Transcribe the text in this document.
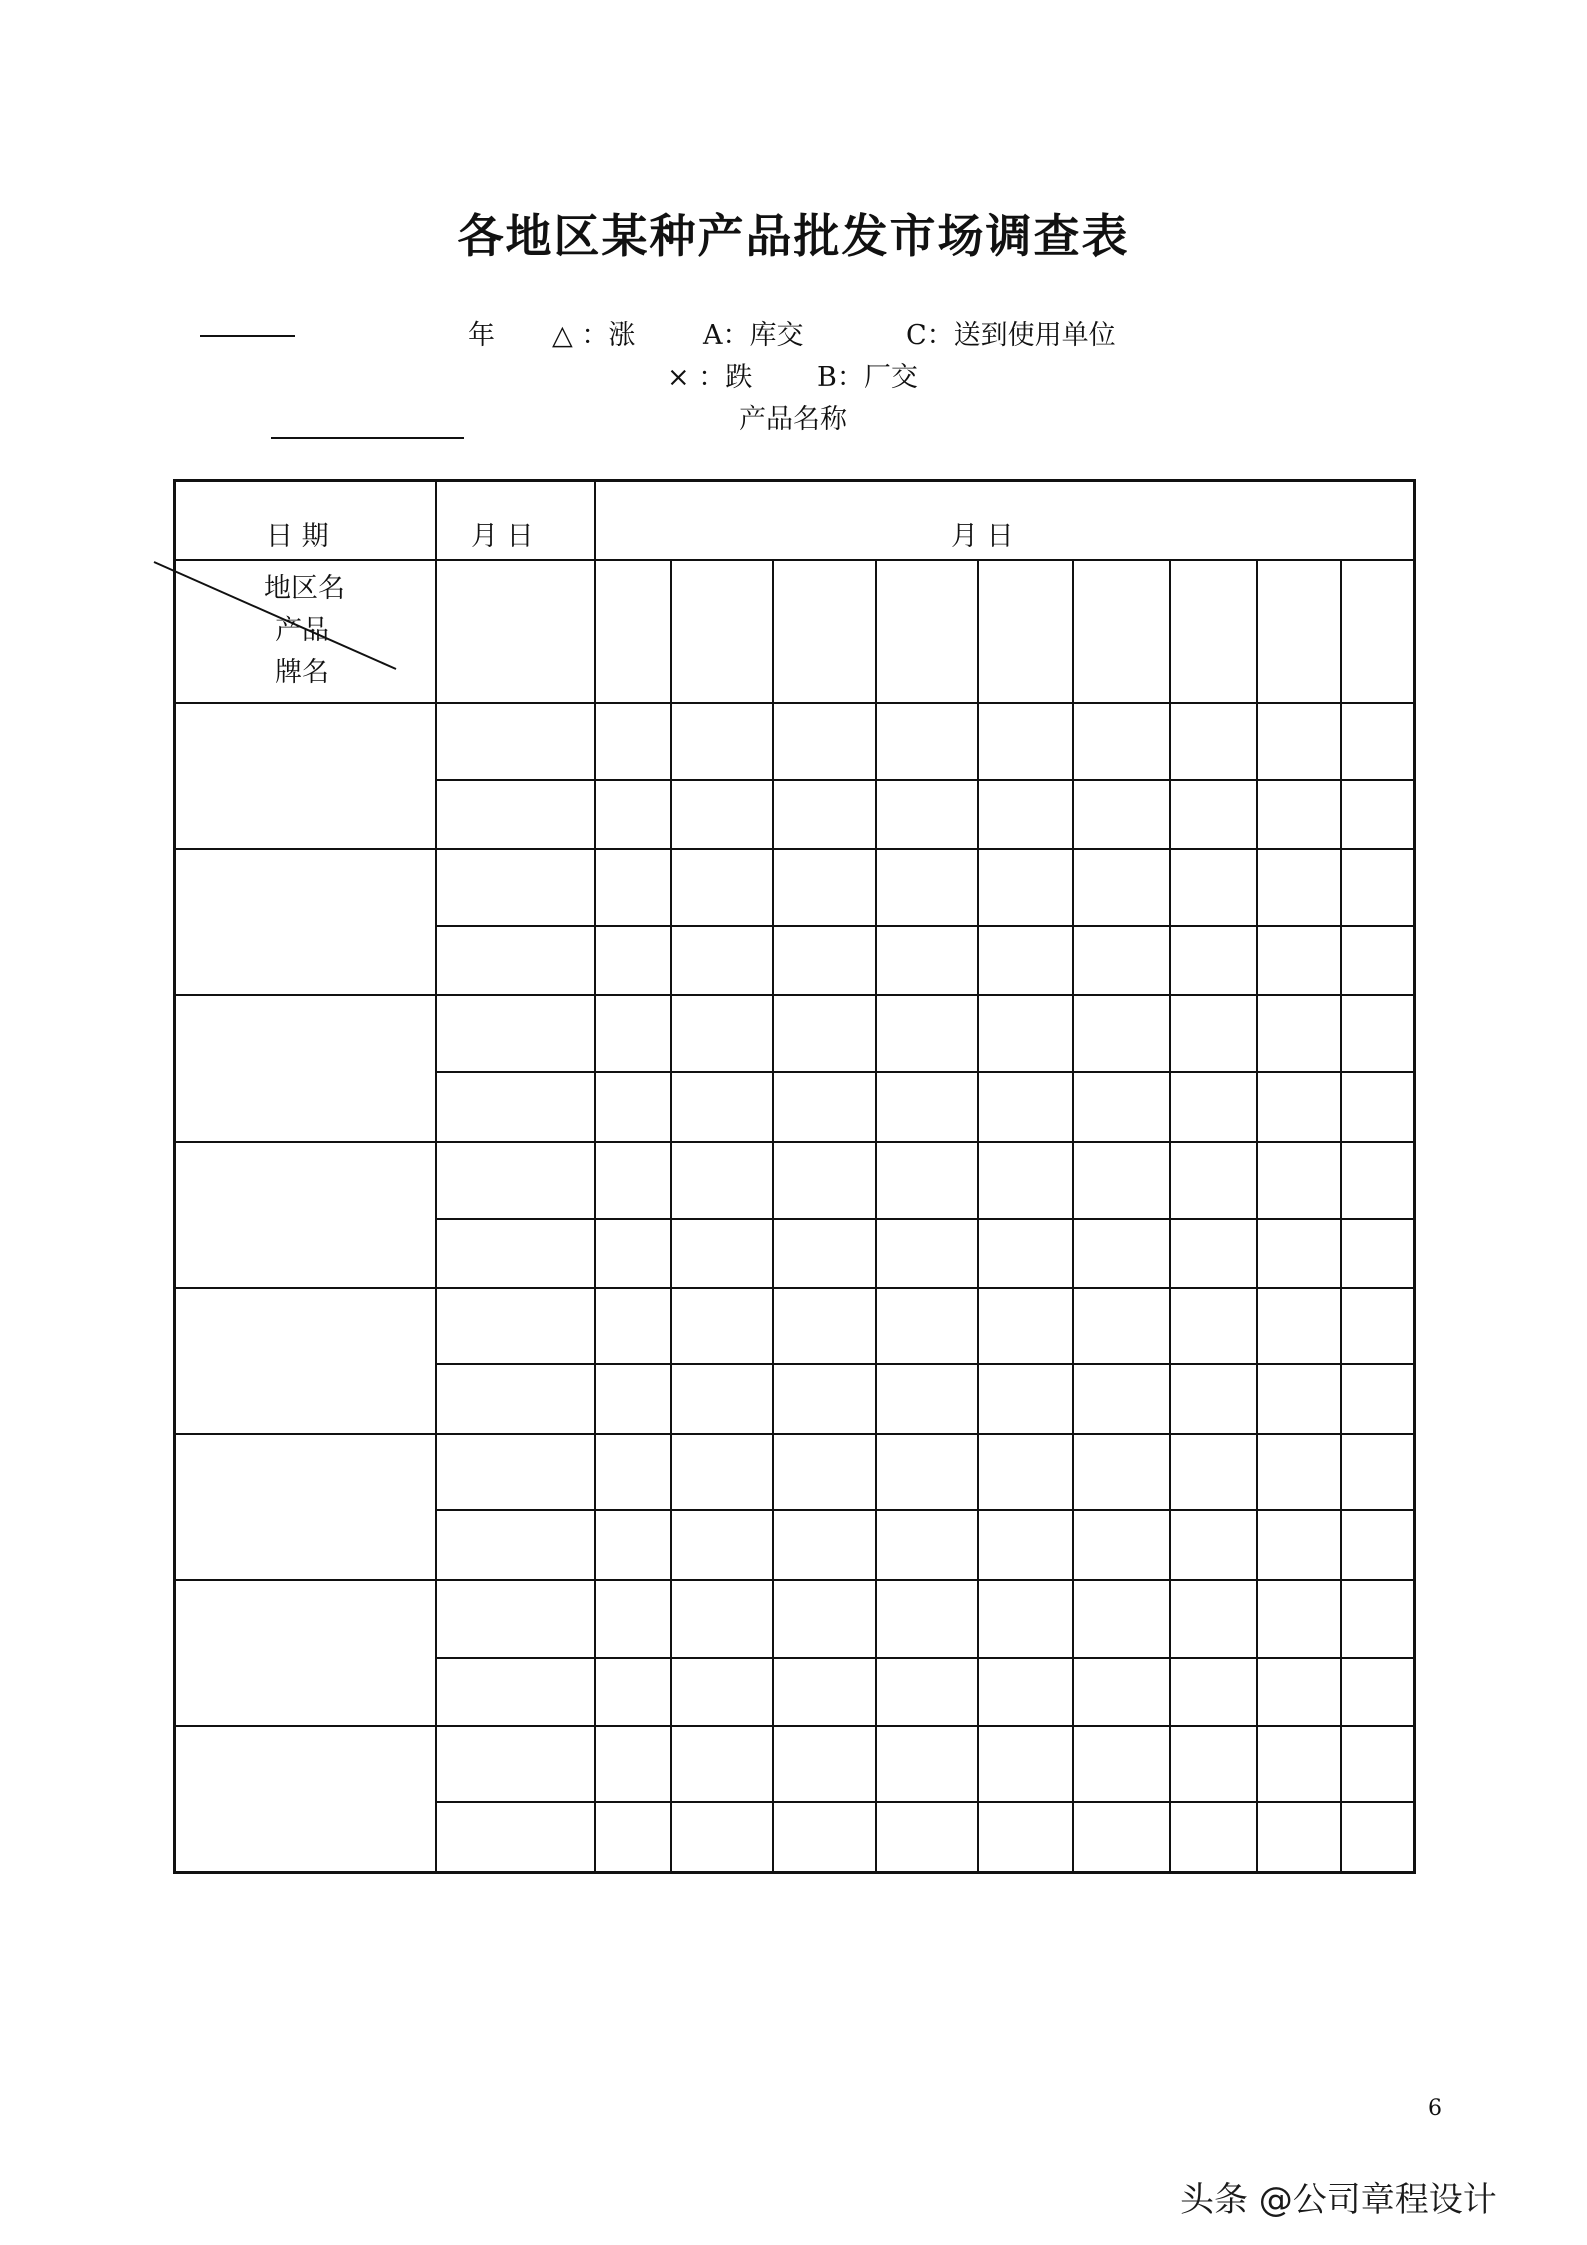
各地区某种产品批发市场调查表
年 △ ：涨	A：库交	C：送到使用单位
× ：跌 B：厂交
产品名称
日 期	月 日	月 日
地区名
产品
牌名
6
头条 @公司章程设计
